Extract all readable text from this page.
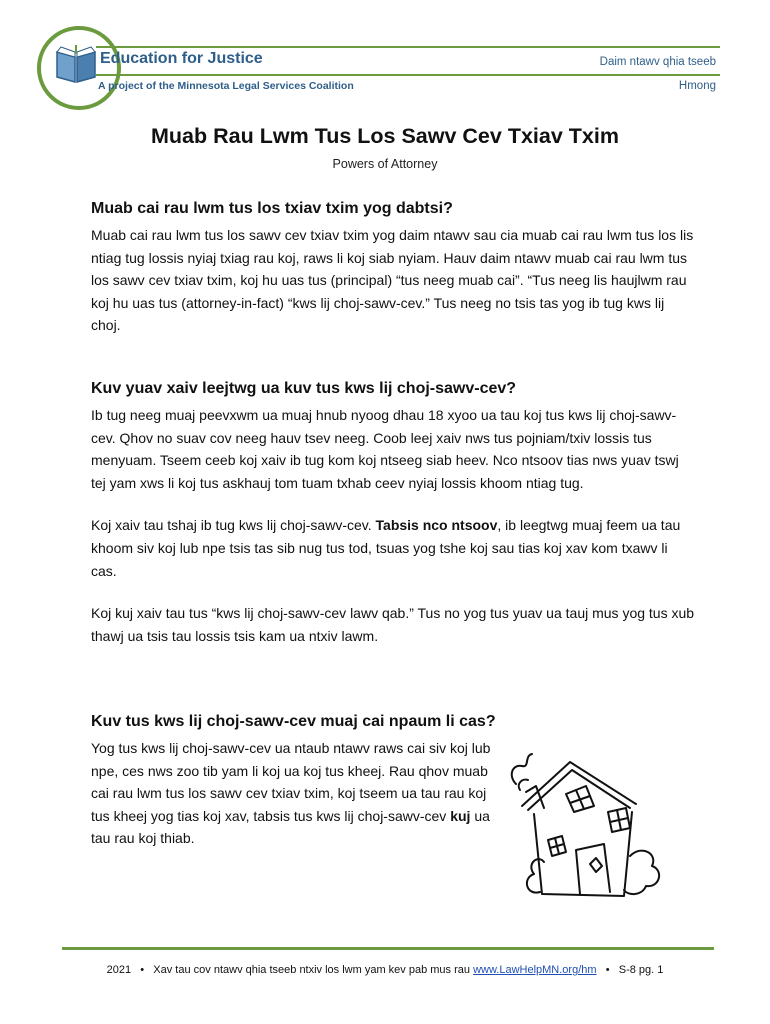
Education for Justice
A project of the Minnesota Legal Services Coalition
Daim ntawv qhia tseeb
Hmong
Muab Rau Lwm Tus Los Sawv Cev Txiav Txim
Powers of Attorney
Muab cai rau lwm tus los txiav txim yog dabtsi?

Muab cai rau lwm tus los sawv cev txiav txim yog daim ntawv sau cia muab cai rau lwm tus los lis ntiag tug lossis nyiaj txiag rau koj, raws li koj siab nyiam. Hauv daim ntawv muab cai rau lwm tus los sawv cev txiav txim, koj hu uas tus (principal) “tus neeg muab cai”. “Tus neeg lis haujlwm rau koj hu uas tus (attorney-in-fact) “kws lij choj-sawv-cev.” Tus neeg no tsis tas yog ib tug kws lij choj.

Kuv yuav xaiv leejtwg ua kuv tus kws lij choj-sawv-cev?

Ib tug neeg muaj peevxwm ua muaj hnub nyoog dhau 18 xyoo ua tau koj tus kws lij choj-sawv-cev. Qhov no suav cov neeg hauv tsev neeg. Coob leej xaiv nws tus pojniam/txiv lossis tus menyuam. Tseem ceeb koj xaiv ib tug kom koj ntseeg siab heev. Nco ntsoov tias nws yuav tswj tej yam xws li koj tus askhauj tom tuam txhab ceev nyiaj lossis khoom ntiag tug.

Koj xaiv tau tshaj ib tug kws lij choj-sawv-cev. Tabsis nco ntsoov, ib leegtwg muaj feem ua tau khoom siv koj lub npe tsis tas sib nug tus tod, tsuas yog tshe koj sau tias koj xav kom txawv li cas.

Koj kuj xaiv tau tus “kws lij choj-sawv-cev lawv qab.” Tus no yog tus yuav ua tauj mus yog tus xub thawj ua tsis tau lossis tsis kam ua ntxiv lawm.

Kuv tus kws lij choj-sawv-cev muaj cai npaum li cas?

Yog tus kws lij choj-sawv-cev ua ntaub ntawv raws cai siv koj lub npe, ces nws zoo tib yam li koj ua koj tus kheej. Rau qhov muab cai rau lwm tus los sawv cev txiav txim, koj tseem ua tau rau koj tus kheej yog tias koj xav, tabsis tus kws lij choj-sawv-cev kuj ua tau rau koj thiab.

2021 • Xav tau cov ntawv qhia tseeb ntxiv los lwm yam kev pab mus rau www.LawHelpMN.org/hm • S-8 pg. 1
